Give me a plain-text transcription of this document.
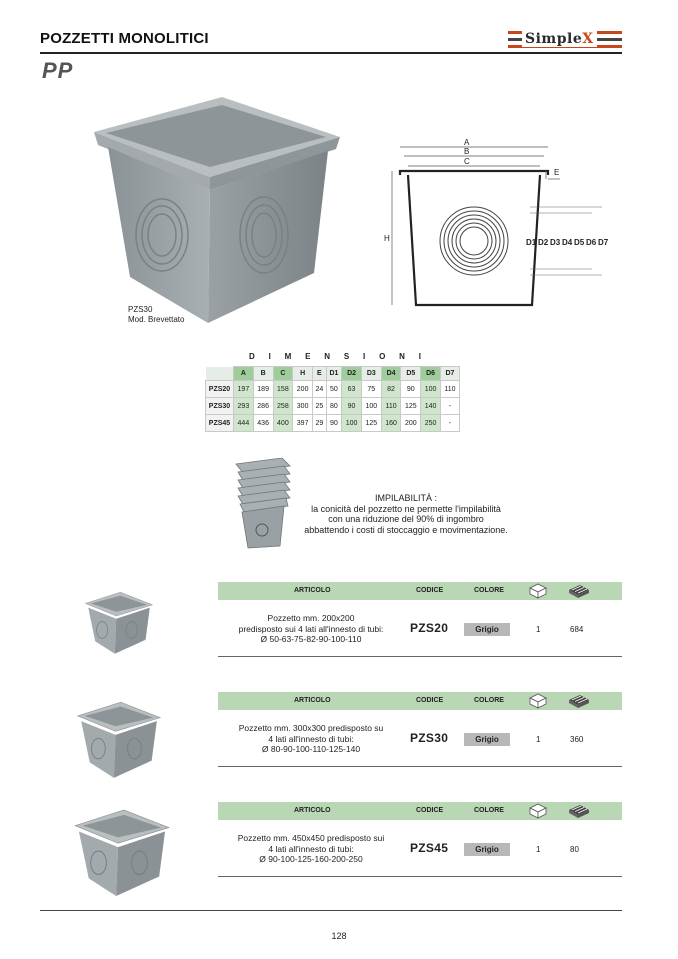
POZZETTI MONOLITICI	SimpleX
PP
PZS30
Mod. Brevettato
A
B
C
E
H	D1 D2 D3 D4 D5 D6 D7
D I M E N S I O N I
	A	B	C	H	E	D1	D2	D3	D4	D5	D6	D7
PZS20	197	189	158	200	24	50	63	75	82	90	100	110
PZS30	293	286	258	300	25	80	90	100	110	125	140	-
PZS45	444	436	400	397	29	90	100	125	160	200	250	-
IMPILABILITÀ :
la conicità del pozzetto ne permette l'impilabilità
con una riduzione del 90% di ingombro
abbattendo i costi di stoccaggio e movimentazione.
ARTICOLO	CODICE	COLORE
Pozzetto mm. 200x200
predisposto sui 4 lati all'innesto di tubi:
Ø 50-63-75-82-90-100-110
PZS20	Grigio	1	684
ARTICOLO	CODICE	COLORE
Pozzetto mm. 300x300 predisposto su
4 lati all'innesto di tubi:
Ø 80-90-100-110-125-140
PZS30	Grigio	1	360
ARTICOLO	CODICE	COLORE
Pozzetto mm. 450x450 predisposto sui
4 lati all'innesto di tubi:
Ø 90-100-125-160-200-250
PZS45	Grigio	1	80
128
